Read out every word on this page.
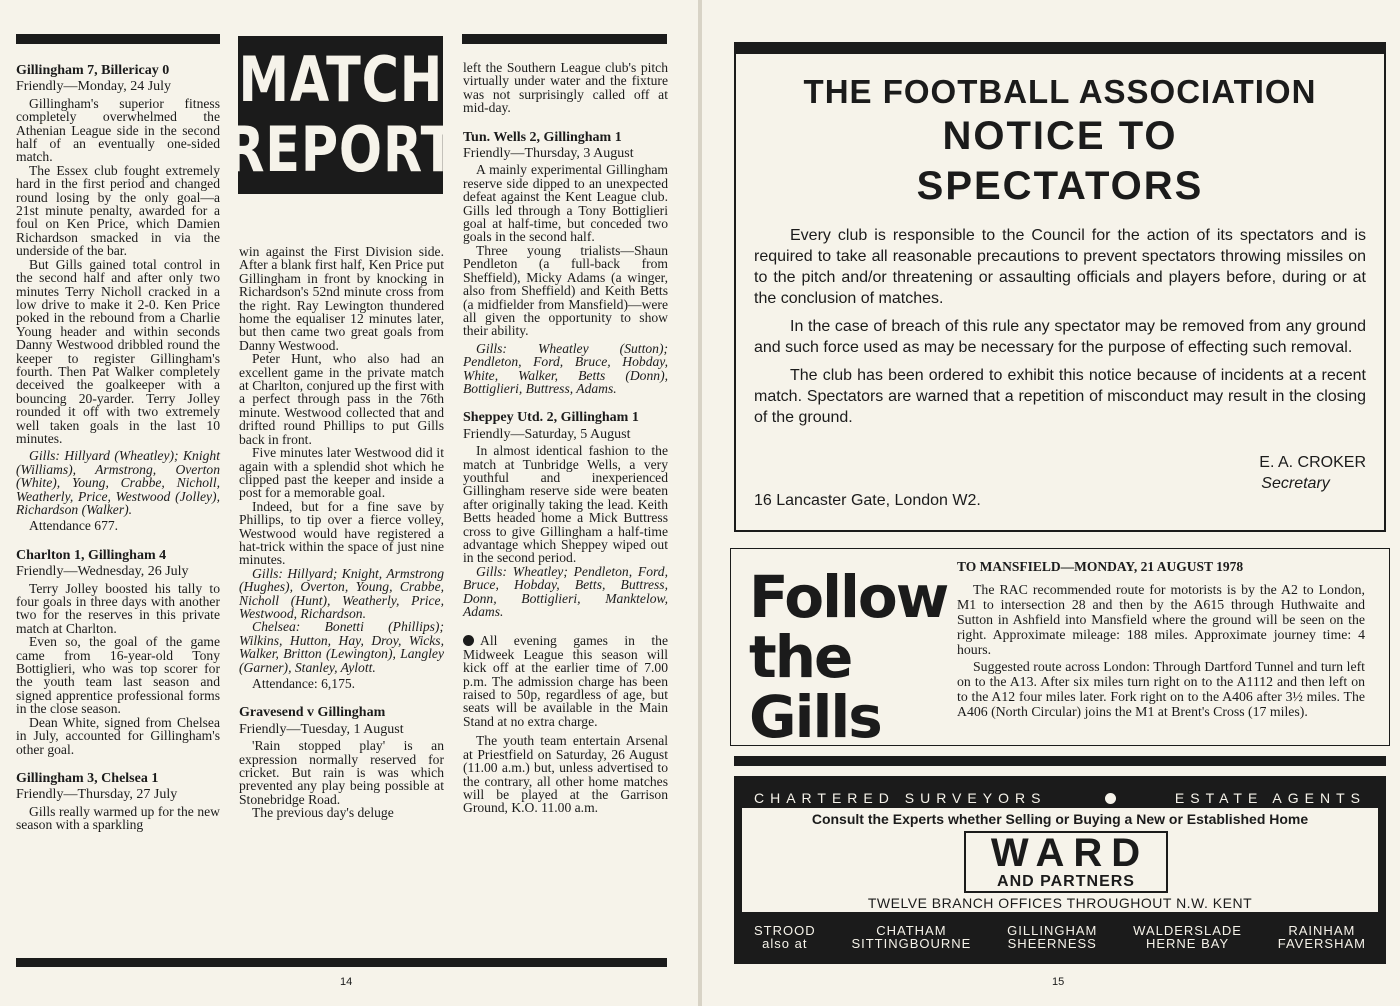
MATCH
REPORT

Gillingham 7, Billericay 0

Friendly—Monday, 24 July

Gillingham's superior fitness completely overwhelmed the Athenian League side in the second half of an eventually one-sided match.

The Essex club fought extremely hard in the first period and changed round losing by the only goal—a 21st minute penalty, awarded for a foul on Ken Price, which Damien Richardson smacked in via the underside of the bar.

But Gills gained total control in the second half and after only two minutes Terry Nicholl cracked in a low drive to make it 2-0. Ken Price poked in the rebound from a Charlie Young header and within seconds Danny Westwood dribbled round the keeper to register Gillingham's fourth. Then Pat Walker completely deceived the goalkeeper with a bouncing 20-yarder. Terry Jolley rounded it off with two extremely well taken goals in the last 10 minutes.

Gills: Hillyard (Wheatley); Knight (Williams), Armstrong, Overton (White), Young, Crabbe, Nicholl, Weatherly, Price, Westwood (Jolley), Richardson (Walker).

Attendance 677.

Charlton 1, Gillingham 4

Friendly—Wednesday, 26 July

Terry Jolley boosted his tally to four goals in three days with another two for the reserves in this private match at Charlton.

Even so, the goal of the game came from 16-year-old Tony Bottiglieri, who was top scorer for the youth team last season and signed apprentice professional forms in the close season.

Dean White, signed from Chelsea in July, accounted for Gillingham's other goal.

Gillingham 3, Chelsea 1

Friendly—Thursday, 27 July

Gills really warmed up for the new season with a sparkling

win against the First Division side. After a blank first half, Ken Price put Gillingham in front by knocking in Richardson's 52nd minute cross from the right. Ray Lewington thundered home the equaliser 12 minutes later, but then came two great goals from Danny Westwood.

Peter Hunt, who also had an excellent game in the private match at Charlton, conjured up the first with a perfect through pass in the 76th minute. Westwood collected that and drifted round Phillips to put Gills back in front.

Five minutes later Westwood did it again with a splendid shot which he clipped past the keeper and inside a post for a memorable goal.

Indeed, but for a fine save by Phillips, to tip over a fierce volley, Westwood would have registered a hat-trick within the space of just nine minutes.

Gills: Hillyard; Knight, Armstrong (Hughes), Overton, Young, Crabbe, Nicholl (Hunt), Weatherly, Price, Westwood, Richardson.

Chelsea: Bonetti (Phillips); Wilkins, Hutton, Hay, Droy, Wicks, Walker, Britton (Lewington), Langley (Garner), Stanley, Aylott.

Attendance: 6,175.

Gravesend v Gillingham

Friendly—Tuesday, 1 August

'Rain stopped play' is an expression normally reserved for cricket. But rain is was which prevented any play being possible at Stonebridge Road.

The previous day's deluge

left the Southern League club's pitch virtually under water and the fixture was not surprisingly called off at mid-day.

Tun. Wells 2, Gillingham 1

Friendly—Thursday, 3 August

A mainly experimental Gillingham reserve side dipped to an unexpected defeat against the Kent League club. Gills led through a Tony Bottiglieri goal at half-time, but conceded two goals in the second half.

Three young trialists—Shaun Pendleton (a full-back from Sheffield), Micky Adams (a winger, also from Sheffield) and Keith Betts (a midfielder from Mansfield)—were all given the opportunity to show their ability.

Gills: Wheatley (Sutton); Pendleton, Ford, Bruce, Hobday, White, Walker, Betts (Donn), Bottiglieri, Buttress, Adams.

Sheppey Utd. 2, Gillingham 1

Friendly—Saturday, 5 August

In almost identical fashion to the match at Tunbridge Wells, a very youthful and inexperienced Gillingham reserve side were beaten after originally taking the lead. Keith Betts headed home a Mick Buttress cross to give Gillingham a half-time advantage which Sheppey wiped out in the second period.

Gills: Wheatley; Pendleton, Ford, Bruce, Hobday, Betts, Buttress, Donn, Bottiglieri, Manktelow, Adams.

All evening games in the Midweek League this season will kick off at the earlier time of 7.00 p.m. The admission charge has been raised to 50p, regardless of age, but seats will be available in the Main Stand at no extra charge.

The youth team entertain Arsenal at Priestfield on Saturday, 26 August (11.00 a.m.) but, unless advertised to the contrary, all other home matches will be played at the Garrison Ground, K.O. 11.00 a.m.

14
THE FOOTBALL ASSOCIATION
NOTICE TO
SPECTATORS

Every club is responsible to the Council for the action of its spectators and is required to take all reasonable precautions to prevent spectators throwing missiles on to the pitch and/or threatening or assaulting officials and players before, during or at the conclusion of matches.

In the case of breach of this rule any spectator may be removed from any ground and such force used as may be necessary for the purpose of effecting such removal.

The club has been ordered to exhibit this notice because of incidents at a recent match. Spectators are warned that a repetition of misconduct may result in the closing of the ground.

E. A. CROKER
Secretary
16 Lancaster Gate, London W2.
Follow
the
Gills
TO MANSFIELD—MONDAY, 21 AUGUST 1978

The RAC recommended route for motorists is by the A2 to London, M1 to intersection 28 and then by the A615 through Huthwaite and Sutton in Ashfield into Mansfield where the ground will be seen on the right. Approximate mileage: 188 miles. Approximate journey time: 4 hours.

Suggested route across London: Through Dartford Tunnel and turn left on to the A13. After six miles turn right on to the A1112 and then left on to the A12 four miles later. Fork right on to the A406 after 3½ miles. The A406 (North Circular) joins the M1 at Brent's Cross (17 miles).

CHARTERED SURVEYORS	ESTATE AGENTS
Consult the Experts whether Selling or Buying a New or Established Home
WARD
AND PARTNERS
TWELVE BRANCH OFFICES THROUGHOUT N.W. KENT
STROOD
also at
CHATHAM
SITTINGBOURNE
GILLINGHAM
SHEERNESS
WALDERSLADE
HERNE BAY
RAINHAM
FAVERSHAM
15
